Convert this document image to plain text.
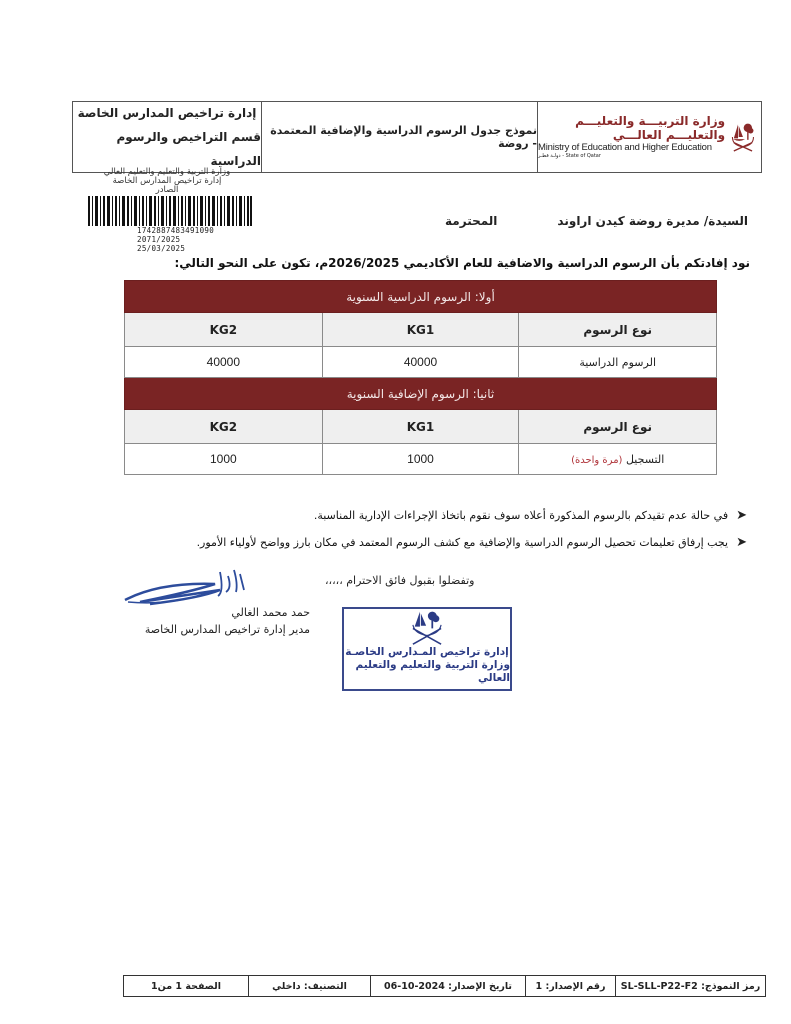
إدارة تراخيص المدارس الخاصة
قسم التراخيص والرسوم الدراسية
نموذج جدول الرسوم الدراسية والإضافية المعتمدة - روضة
وزارة التربيـــة والتعليـــم والتعليـــم العالـــي
Ministry of Education and Higher Education
State of Qatar - دولـة قطـر
وزارة التربية والتعليم والتعليم العالي
إدارة تراخيص المدارس الخاصة
الصادر
1742887483491090
2071/2025
25/03/2025
السيدة/ مديرة روضة كيدن اراوند
المحترمة
نود إفادتكم بأن الرسوم الدراسية والاضافية للعام الأكاديمي 2026/2025م، تكون على النحو التالي:
أولا: الرسوم الدراسية السنوية		
نوع الرسوم	KG1	KG2
الرسوم الدراسية	40000	40000
ثانيا: الرسوم الإضافية السنوية		
نوع الرسوم	KG1	KG2
التسجيل (مرة واحدة)	1000	1000
➤
في حالة عدم تقيدكم بالرسوم المذكورة أعلاه سوف نقوم باتخاذ الإجراءات الإدارية المناسبة.
➤
يجب إرفاق تعليمات تحصيل الرسوم الدراسية والإضافية مع كشف الرسوم المعتمد في مكان بارز وواضح لأولياء الأمور.
وتفضلوا بقبول فائق الاحترام ،،،،،
حمد محمد الغالي
مدير إدارة تراخيص المدارس الخاصة
إدارة تراخيص المـدارس الخاصـة
وزارة التربية والتعليم والتعليم العالي
رمز النموذج: SL-SLL-P22-F2
رقم الإصدار: 1
تاريخ الإصدار: 2024-10-06
التصنيف: داخلي
الصفحة 1 من1
